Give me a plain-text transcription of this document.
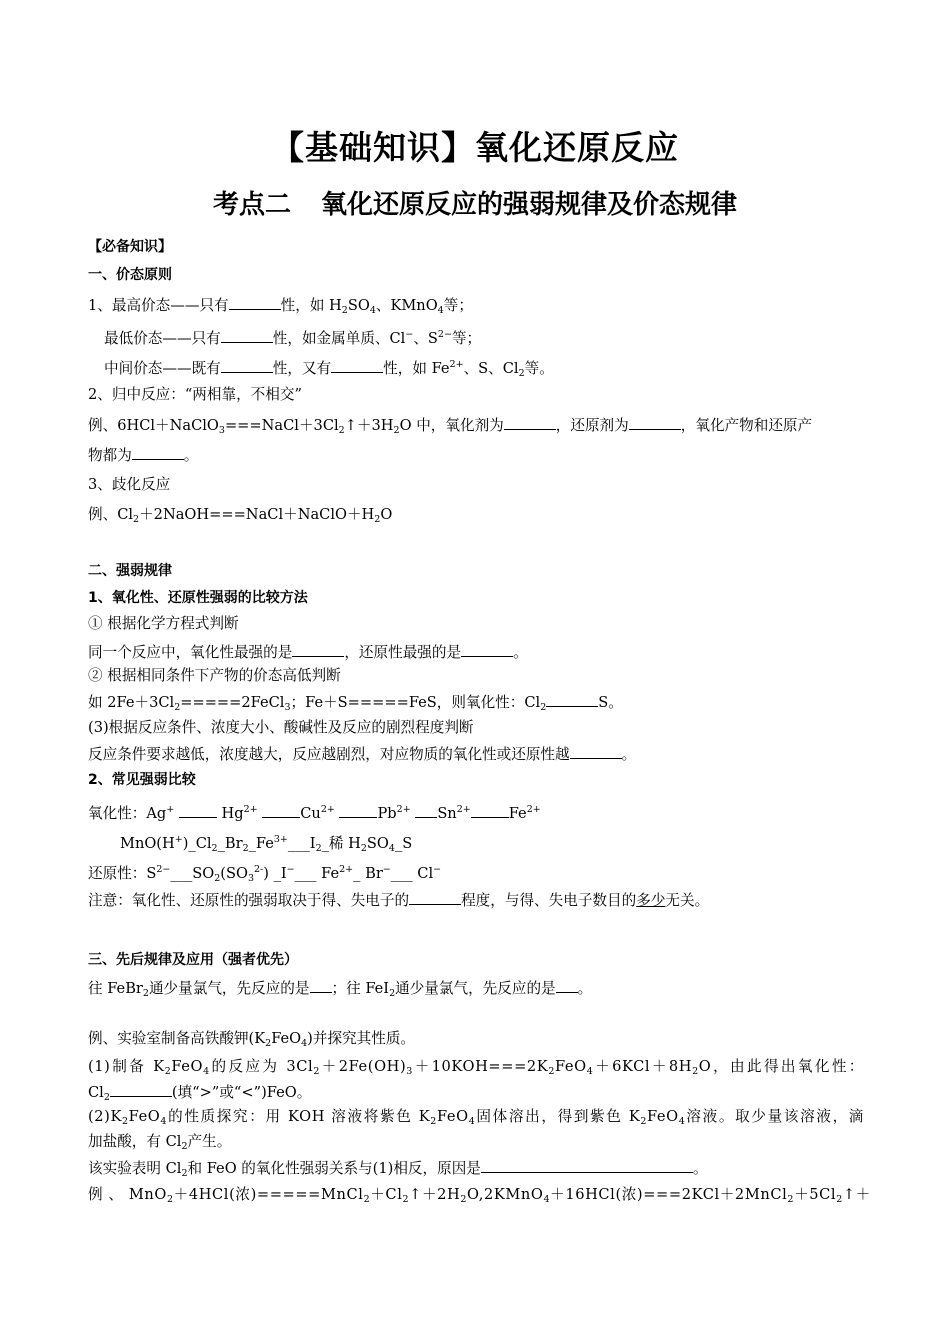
【基础知识】氧化还原反应
考点二 氧化还原反应的强弱规律及价态规律
【必备知识】
一、价态原则
1、最高价态——只有	性，如 $H_2SO_4$、KMnO$_4$等；
最低价态——只有	性，如金属单质、Cl−、$S^{2-}$等；
中间价态——既有	性，又有	性，如 $Fe^{2+}$、S、$Cl_2$等。
2、归中反应：“两相靠，不相交”
例、$6HCl+NaClO_3===NaCl+3Cl_2↑+3H_2O$ 中，氧化剂为	，还原剂为	，氧化产物和还原产
物都为	。
3、歧化反应
例、$Cl_2+2NaOH===NaCl+NaClO+H_2O$
二、强弱规律
1、氧化性、还原性强弱的比较方法
① 根据化学方程式判断
同一个反应中，氧化性最强的是	，还原性最强的是	。
② 根据相同条件下产物的价态高低判断
如 $2Fe+3Cl_2=====2FeCl_3$；Fe＋S=====FeS，则氧化性：$Cl_2$	S。
(3)根据反应条件、浓度大小、酸碱性及反应的剧烈程度判断
反应条件要求越低，浓度越大，反应越剧烈，对应物质的氧化性或还原性越	。
2、常见强弱比较
氧化性：Ag+	$Hg^{2+}$	$Cu^{2+}$	$Pb^{2+}$ $Sn^{2+}$	$Fe^{2+}$
$MnO(H^+)\_Cl_2\_Br_2\_Fe^{3+}\_\_\_I_2\_$稀 $H_2SO_4\_S$
还原性：$S^{2-}\_\_\_SO_2(SO_3^{2-})$ _I−___ $Fe^{2+}\_$ Br−___ Cl−
注意：氧化性、还原性的强弱取决于得、失电子的	程度，与得、失电子数目的多少无关。
三、先后规律及应用（强者优先）
往 FeBr$_2$通少量氯气，先反应的是 ；往 FeI$_2$通少量氯气，先反应的是 。
例、实验室制备高铁酸钾$(K_2FeO_4)$并探究其性质。
(1)制备 $K_2FeO_4$的反应为 $3Cl_2+2Fe(OH)_3+10KOH===2K_2FeO_4+6KCl+8H_2O$，由此得出氧化性：
$Cl_2$	(填“>”或“<”)FeO。
$(2)K_2FeO_4$的性质探究：用 KOH 溶液将紫色 $K_2FeO_4$固体溶出，得到紫色 $K_2FeO_4$溶液。取少量该溶液，滴
加盐酸，有 $Cl_2$产生。
该实验表明 $Cl_2$和 FeO 的氧化性强弱关系与(1)相反，原因是	。
例 、 MnO$_2$＋4HCl(浓)$=====MnCl_2+Cl_2↑+2H_2O,2KMnO_4+16HCl$(浓)$===2KCl+2MnCl_2+5Cl_2↑+$
